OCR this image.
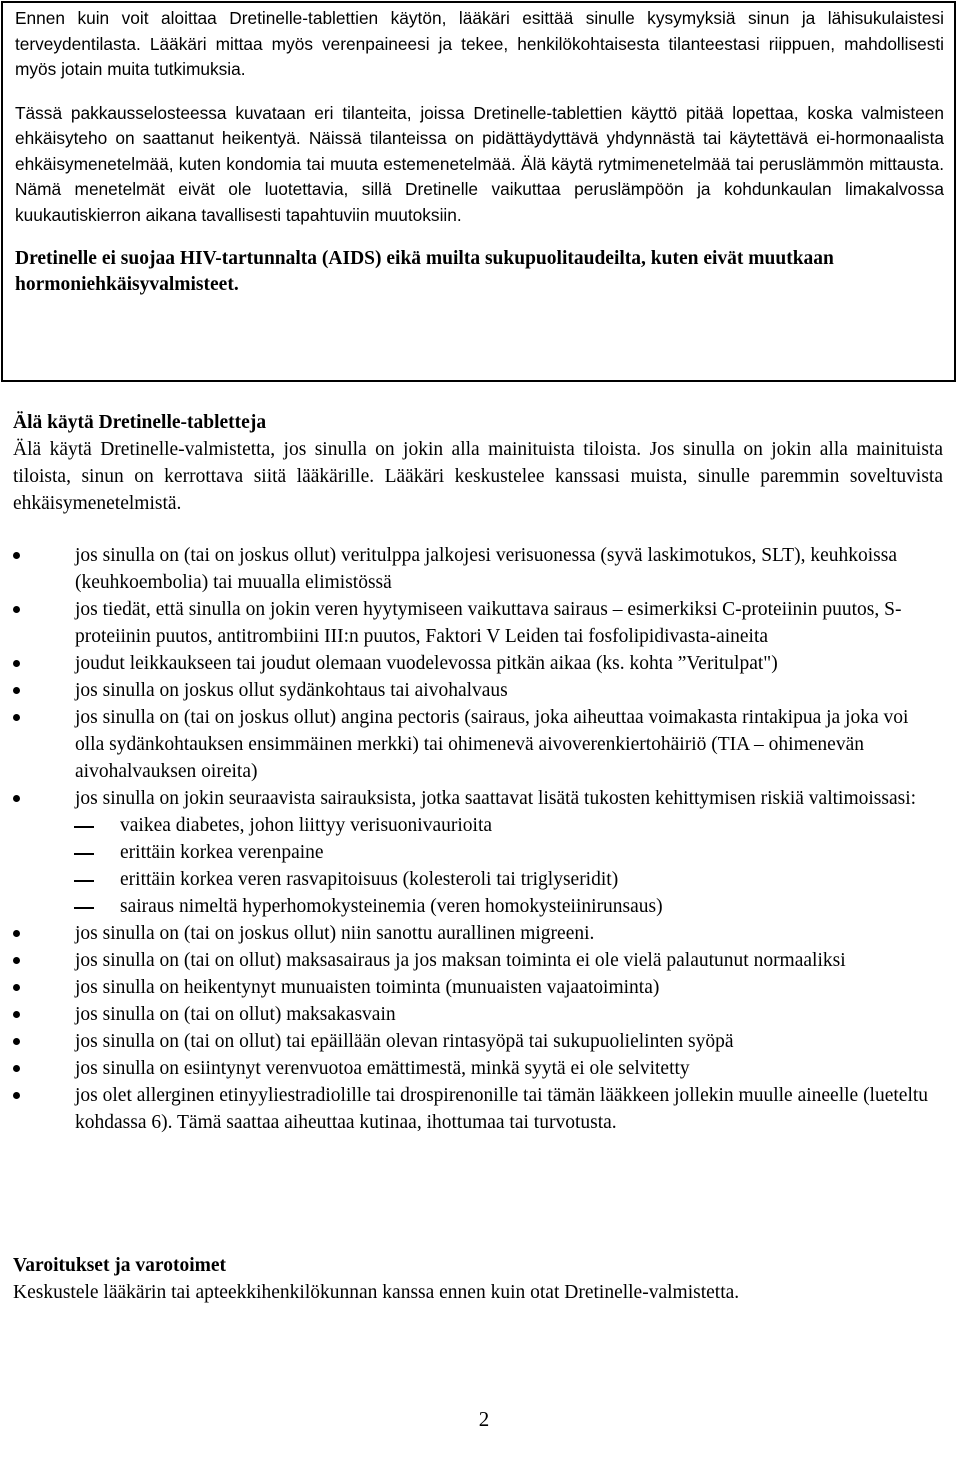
Ennen kuin voit aloittaa Dretinelle-tablettien käytön, lääkäri esittää sinulle kysymyksiä sinun ja lähisukulaistesi terveydentilasta. Lääkäri mittaa myös verenpaineesi ja tekee, henkilökohtaisesta tilanteestasi riippuen, mahdollisesti myös jotain muita tutkimuksia.

Tässä pakkausselosteessa kuvataan eri tilanteita, joissa Dretinelle-tablettien käyttö pitää lopettaa, koska valmisteen ehkäisyteho on saattanut heikentyä. Näissä tilanteissa on pidättäydyttävä yhdynnästä tai käytettävä ei-hormonaalista ehkäisymenetelmää, kuten kondomia tai muuta estemenetelmää. Älä käytä rytmimenetelmää tai peruslämmön mittausta. Nämä menetelmät eivät ole luotettavia, sillä Dretinelle vaikuttaa peruslämpöön ja kohdunkaulan limakalvossa kuukautiskierron aikana tavallisesti tapahtuviin muutoksiin.

Dretinelle ei suojaa HIV-tartunnalta (AIDS) eikä muilta sukupuolitaudeilta, kuten eivät muutkaan hormoniehkäisyvalmisteet.

Älä käytä Dretinelle-tabletteja

Älä käytä Dretinelle-valmistetta, jos sinulla on jokin alla mainituista tiloista. Jos sinulla on jokin alla mainituista tiloista, sinun on kerrottava siitä lääkärille. Lääkäri keskustelee kanssasi muista, sinulle paremmin soveltuvista ehkäisymenetelmistä.

jos sinulla on (tai on joskus ollut) veritulppa jalkojesi verisuonessa (syvä laskimotukos, SLT), keuhkoissa (keuhkoembolia) tai muualla elimistössä
jos tiedät, että sinulla on jokin veren hyytymiseen vaikuttava sairaus – esimerkiksi C-proteiinin puutos, S-proteiinin puutos, antitrombiini III:n puutos, Faktori V Leiden tai fosfolipidivasta-aineita
joudut leikkaukseen tai joudut olemaan vuodelevossa pitkän aikaa (ks. kohta ”Veritulpat")
jos sinulla on joskus ollut sydänkohtaus tai aivohalvaus
jos sinulla on (tai on joskus ollut) angina pectoris (sairaus, joka aiheuttaa voimakasta rintakipua ja joka voi olla sydänkohtauksen ensimmäinen merkki) tai ohimenevä aivoverenkiertohäiriö (TIA – ohimenevän aivohalvauksen oireita)
jos sinulla on jokin seuraavista sairauksista, jotka saattavat lisätä tukosten kehittymisen riskiä valtimoissasi:
vaikea diabetes, johon liittyy verisuonivaurioita
erittäin korkea verenpaine
erittäin korkea veren rasvapitoisuus (kolesteroli tai triglyseridit)
sairaus nimeltä hyperhomokysteinemia (veren homokysteiinirunsaus)
jos sinulla on (tai on joskus ollut) niin sanottu aurallinen migreeni.
jos sinulla on (tai on ollut) maksasairaus ja jos maksan toiminta ei ole vielä palautunut normaaliksi
jos sinulla on heikentynyt munuaisten toiminta (munuaisten vajaatoiminta)
jos sinulla on (tai on ollut) maksakasvain
jos sinulla on (tai on ollut) tai epäillään olevan rintasyöpä tai sukupuolielinten syöpä
jos sinulla on esiintynyt verenvuotoa emättimestä, minkä syytä ei ole selvitetty
jos olet allerginen etinyyliestradiolille tai drospirenonille tai tämän lääkkeen jollekin muulle aineelle (lueteltu kohdassa 6). Tämä saattaa aiheuttaa kutinaa, ihottumaa tai turvotusta.

Varoitukset ja varotoimet

Keskustele lääkärin tai apteekkihenkilökunnan kanssa ennen kuin otat Dretinelle-valmistetta.

2
